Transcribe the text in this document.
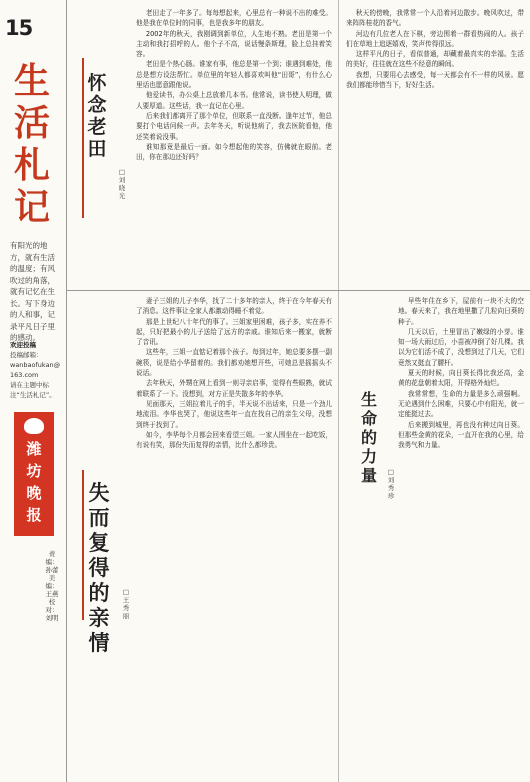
15
生
活
札
记
有阳光的地方，就有生活的温度；有风吹过的角落，就有记忆在生长。写下身边的人和事，记录平凡日子里的感动。
欢迎投稿
投稿邮箱：
wanbaofukan@163.com
请在主题中标注“生活札记”。
潍
坊
晚
报
责编：孙蕾 美编：王燕 校对：刘明
怀
念
老
田
□刘晓光

老田走了一年多了。每每想起来，心里总有一种说不出的难受。他是我在单位时的同事，也是我多年的朋友。

2002年的秋天，我刚调到新单位，人生地不熟。老田是第一个主动和我打招呼的人。他个子不高，说话慢条斯理，脸上总挂着笑容。

老田是个热心肠。谁家有事，他总是第一个到；谁遇到难处，他总是想方设法帮忙。单位里的年轻人都喜欢叫他“田哥”，有什么心里话也愿意跟他说。

他爱读书，办公桌上总放着几本书。他常说，读书使人明理，做人要厚道。这些话，我一直记在心里。

后来我们都离开了那个单位，但联系一直没断。逢年过节，他总要打个电话问候一声。去年冬天，听说他病了，我去医院看他，他还笑着说没事。

谁知那竟是最后一面。如今想起他的笑容，仿佛就在眼前。老田，你在那边还好吗？

秋天的傍晚，我常常一个人沿着河边散步。晚风吹过，带来阵阵桂花的香气。

河边有几位老人在下棋，旁边围着一群看热闹的人。孩子们在草地上追逐嬉戏，笑声传得很远。

这样平凡的日子，看似普通，却藏着最真实的幸福。生活的美好，往往就在这些不经意的瞬间。

我想，只要用心去感受，每一天都会有不一样的风景。愿我们都能珍惜当下，好好生活。

失
而
复
得
的
亲
情
□王秀丽

妻子三姐的儿子李华，找了二十多年的亲人，终于在今年春天有了消息。这件事让全家人都激动得睡不着觉。

那是上世纪八十年代的事了。三姐家里困难，孩子多，实在养不起，只好把最小的儿子送给了远方的亲戚。谁知后来一搬家，就断了音讯。

这些年，三姐一直惦记着那个孩子。每到过年，她总要多摆一副碗筷，说是给小华留着的。我们都劝她想开些，可她总是摇摇头不说话。

去年秋天，外甥在网上看到一则寻亲启事，觉得有些眼熟，就试着联系了一下。没想到，对方正是失散多年的李华。

见面那天，三姐拉着儿子的手，半天说不出话来，只是一个劲儿地流泪。李华也哭了，他说这些年一直在找自己的亲生父母，没想到终于找到了。

如今，李华每个月都会回来看望三姐。一家人围坐在一起吃饭，有说有笑，那份失而复得的亲情，比什么都珍贵。

生
命
的
力
量	□刘秀珍

早些年住在乡下，屋前有一块不大的空地。春天来了，我在地里撒了几粒向日葵的种子。

几天以后，土里冒出了嫩绿的小芽。谁知一场大雨过后，小苗被冲倒了好几棵。我以为它们活不成了，没想到过了几天，它们竟然又挺直了腰杆。

夏天的时候，向日葵长得比我还高，金黄的花盘朝着太阳，开得格外灿烂。

我常常想，生命的力量是多么顽强啊。无论遇到什么困难，只要心中有阳光，就一定能挺过去。

后来搬到城里，再也没有种过向日葵。但那些金黄的花朵，一直开在我的心里，给我勇气和力量。
